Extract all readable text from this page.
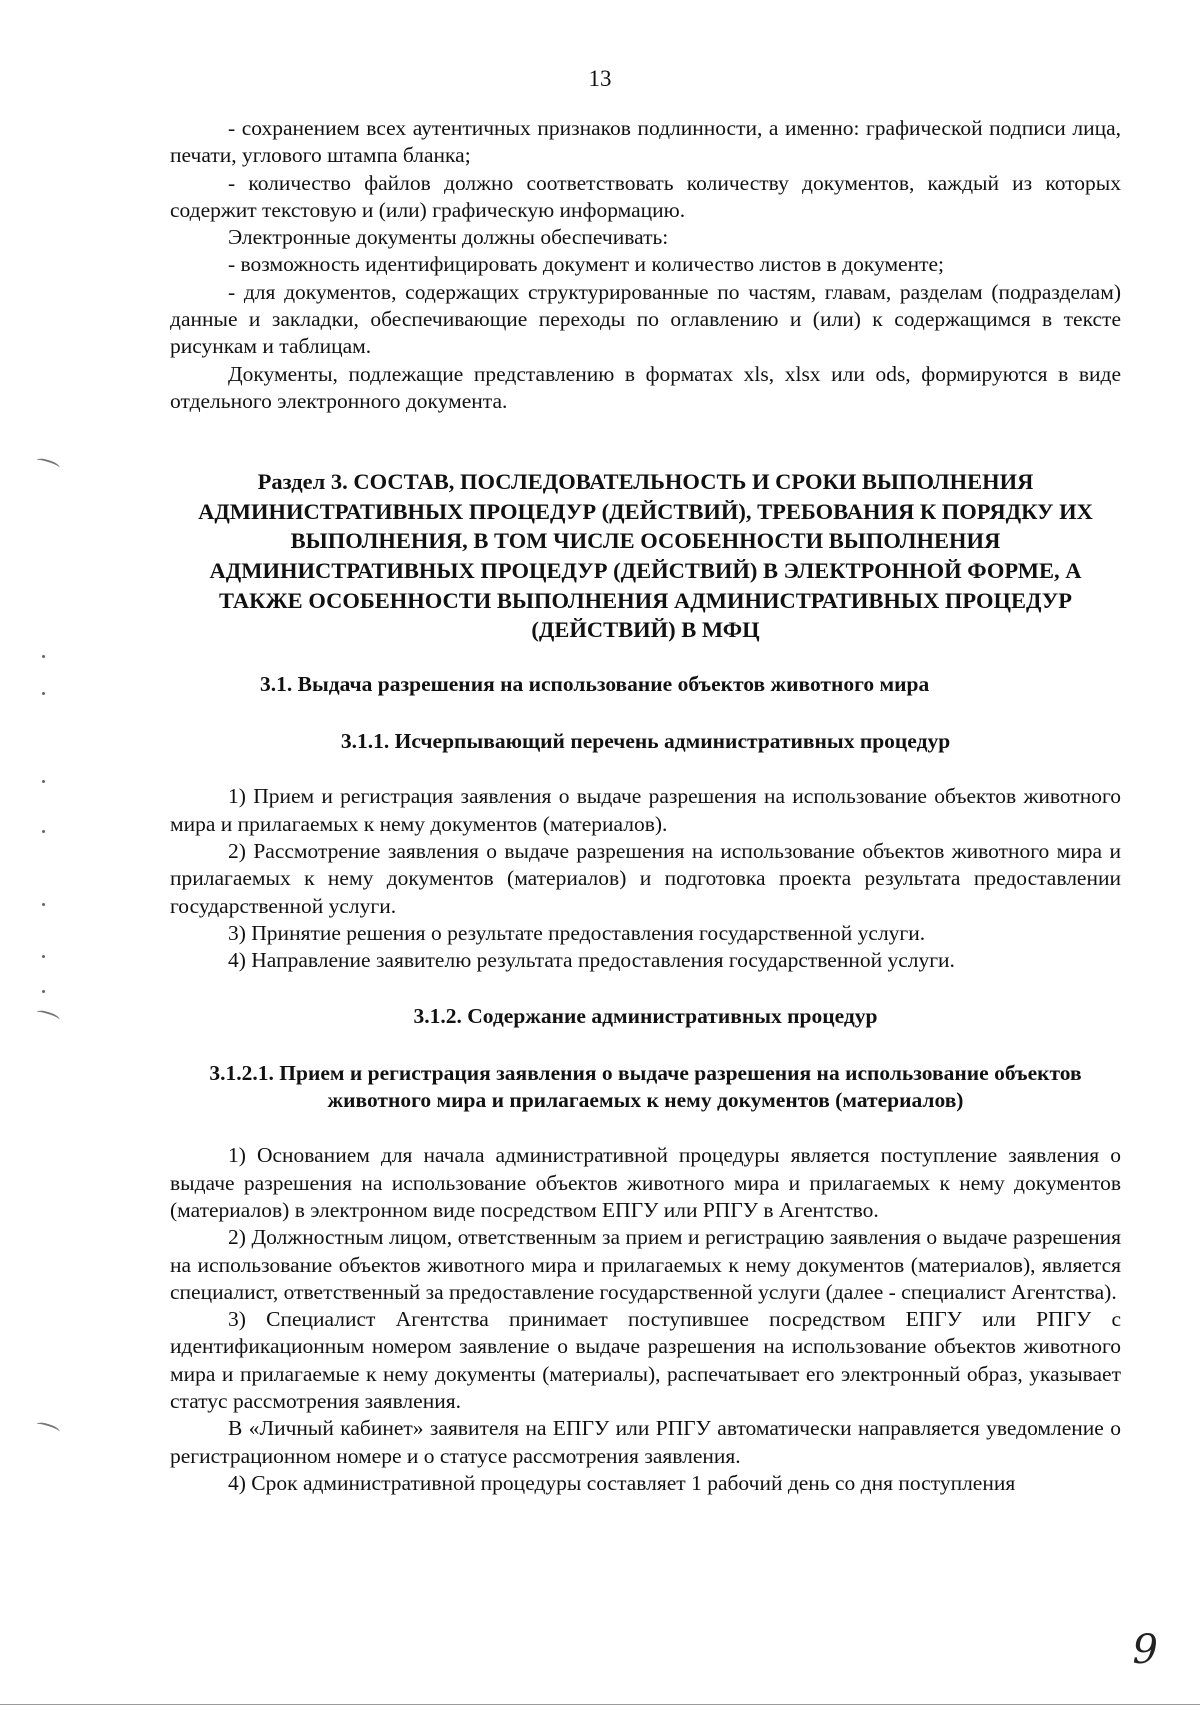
13

- сохранением всех аутентичных признаков подлинности, а именно: графической подписи лица, печати, углового штампа бланка;

- количество файлов должно соответствовать количеству документов, каждый из которых содержит текстовую и (или) графическую информацию.

Электронные документы должны обеспечивать:

- возможность идентифицировать документ и количество листов в документе;

- для документов, содержащих структурированные по частям, главам, разделам (подразделам) данные и закладки, обеспечивающие переходы по оглавлению и (или) к содержащимся в тексте рисункам и таблицам.

Документы, подлежащие представлению в форматах xls, xlsx или ods, формируются в виде отдельного электронного документа.

Раздел 3. СОСТАВ, ПОСЛЕДОВАТЕЛЬНОСТЬ И СРОКИ ВЫПОЛНЕНИЯ АДМИНИСТРАТИВНЫХ ПРОЦЕДУР (ДЕЙСТВИЙ), ТРЕБОВАНИЯ К ПОРЯДКУ ИХ ВЫПОЛНЕНИЯ, В ТОМ ЧИСЛЕ ОСОБЕННОСТИ ВЫПОЛНЕНИЯ АДМИНИСТРАТИВНЫХ ПРОЦЕДУР (ДЕЙСТВИЙ) В ЭЛЕКТРОННОЙ ФОРМЕ, А ТАКЖЕ ОСОБЕННОСТИ ВЫПОЛНЕНИЯ АДМИНИСТРАТИВНЫХ ПРОЦЕДУР (ДЕЙСТВИЙ) В МФЦ
3.1. Выдача разрешения на использование объектов животного мира
3.1.1. Исчерпывающий перечень административных процедур

1) Прием и регистрация заявления о выдаче разрешения на использование объектов животного мира и прилагаемых к нему документов (материалов).

2) Рассмотрение заявления о выдаче разрешения на использование объектов животного мира и прилагаемых к нему документов (материалов) и подготовка проекта результата предоставлении государственной услуги.

3) Принятие решения о результате предоставления государственной услуги.

4) Направление заявителю результата предоставления государственной услуги.

3.1.2. Содержание административных процедур
3.1.2.1. Прием и регистрация заявления о выдаче разрешения на использование объектов животного мира и прилагаемых к нему документов (материалов)

1) Основанием для начала административной процедуры является поступление заявления о выдаче разрешения на использование объектов животного мира и прилагаемых к нему документов (материалов) в электронном виде посредством ЕПГУ или РПГУ в Агентство.

2) Должностным лицом, ответственным за прием и регистрацию заявления о выдаче разрешения на использование объектов животного мира и прилагаемых к нему документов (материалов), является специалист, ответственный за предоставление государственной услуги (далее - специалист Агентства).

3) Специалист Агентства принимает поступившее посредством ЕПГУ или РПГУ с идентификационным номером заявление о выдаче разрешения на использование объектов животного мира и прилагаемые к нему документы (материалы), распечатывает его электронный образ, указывает статус рассмотрения заявления.

В «Личный кабинет» заявителя на ЕПГУ или РПГУ автоматически направляется уведомление о регистрационном номере и о статусе рассмотрения заявления.

4) Срок административной процедуры составляет 1 рабочий день со дня поступления

9
